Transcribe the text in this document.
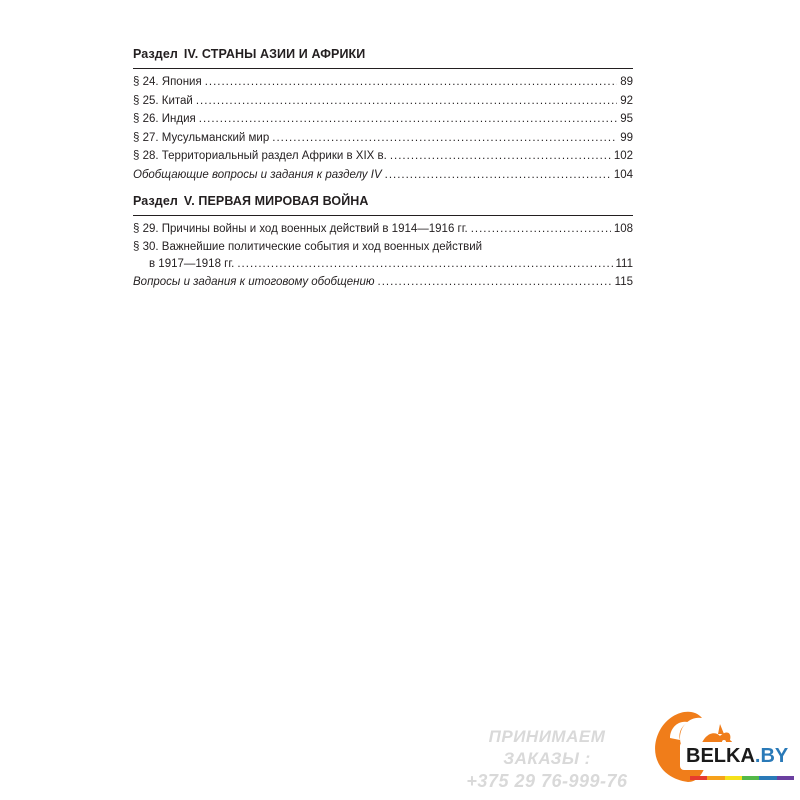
Раздел IV. СТРАНЫ АЗИИ И АФРИКИ
§ 24. Япония .....	89
§ 25. Китай .....	92
§ 26. Индия .....	95
§ 27. Мусульманский мир .....	99
§ 28. Территориальный раздел Африки в XIX в. .....	102
Обобщающие вопросы и задания к разделу IV .....	104
Раздел V. ПЕРВАЯ МИРОВАЯ ВОЙНА
§ 29. Причины войны и ход военных действий в 1914—1916 гг. .....	108
§ 30. Важнейшие политические события и ход военных действий
в 1917—1918 гг. .....	111
Вопросы и задания к итоговому обобщению .....	115
ПРИНИМАЕМ ЗАКАЗЫ :
+375 29 76-999-76
BELKA.BY
